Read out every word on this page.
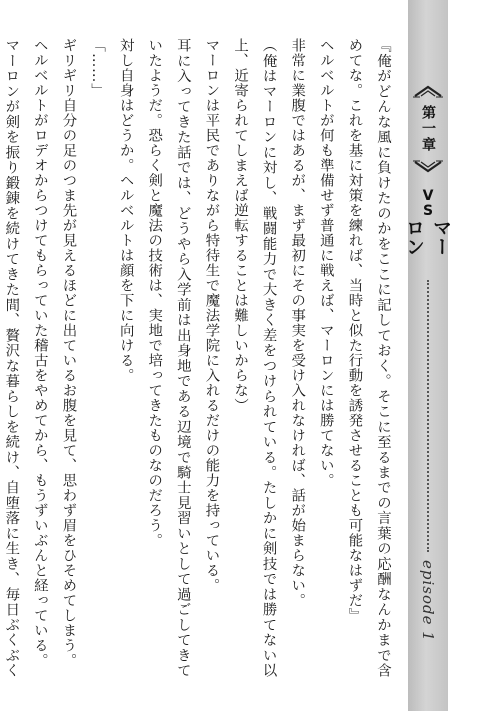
『俺がどんな風に負けたのかをここに記しておく。そこに至るまでの言葉の応酬なんかまで含めてな。これを基に対策を練れば、当時と似た行動を誘発させることも可能なはずだ』

ヘルベルトが何も準備せず普通に戦えば、マーロンには勝てない。

非常に業腹ではあるが、まず最初にその事実を受け入れなければ、話が始まらない。

（俺はマーロンに対し、戦闘能力で大きく差をつけられている。たしかに剣技では勝てない以上、近寄られてしまえば逆転することは難しいからな）

マーロンは平民でありながら特待生で魔法学院に入れるだけの能力を持っている。

耳に入ってきた話では、どうやら入学前は出身地である辺境で騎士見習いとして過ごしてきていたようだ。恐らく剣と魔法の技術は、実地で培ってきたものなのだろう。

対し自身はどうか。ヘルベルトは顔を下に向ける。

「……」

ギリギリ自分の足のつま先が見えるほどに出ているお腹を見て、思わず眉をひそめてしまう。

ヘルベルトがロデオからつけてもらっていた稽古をやめてから、もうずいぶんと経っている。

マーロンが剣を振り鍛錬を続けてきた間、贅沢な暮らしを続け、自堕落に生き、毎日ぶくぶく

第一章
VS
マーロン
episode 1
